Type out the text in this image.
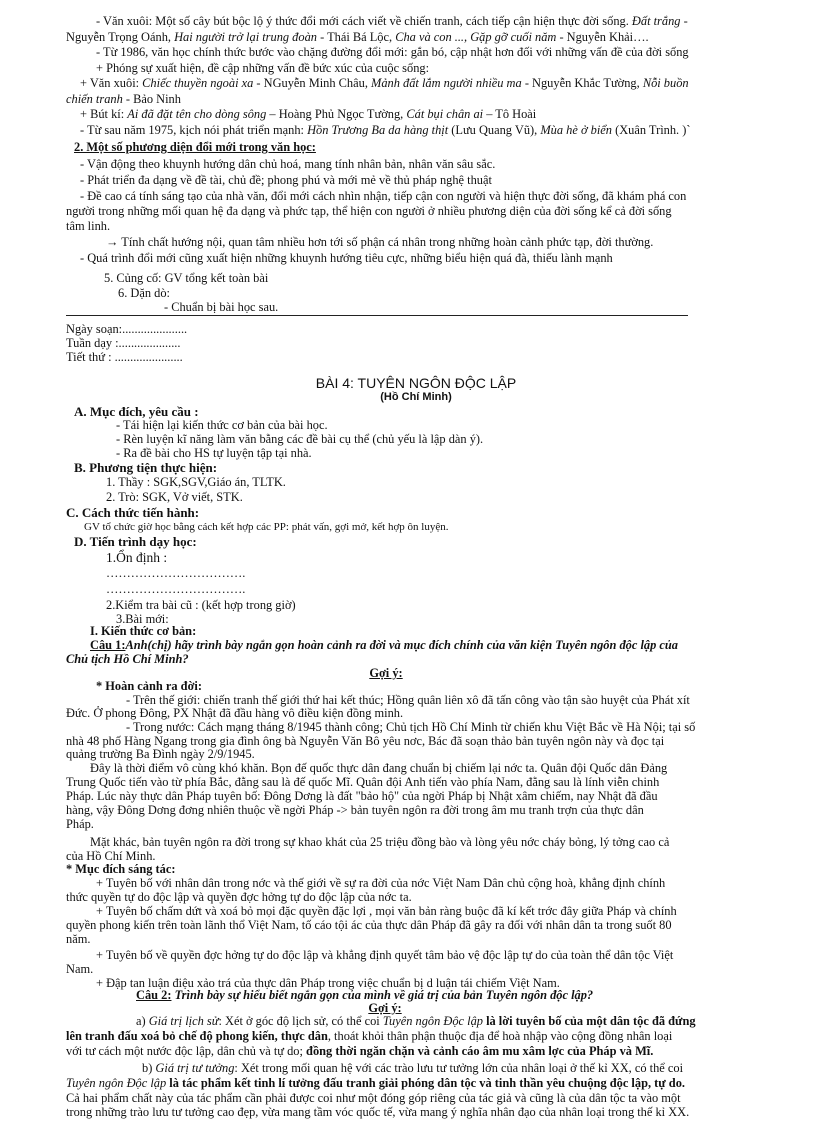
- Văn xuôi: Một số cây bút bộc lộ ý thức đổi mới cách viết về chiến tranh, cách tiếp cận hiện thực đời sống. Đất trắng -
Nguyễn Trọng Oánh, Hai người trở lại trung đoàn - Thái Bá Lộc, Cha và con ..., Gặp gỡ cuối năm - Nguyễn Khải….
- Từ 1986, văn học chính thức bước vào chặng đường đổi mới: gắn bó, cập nhật hơn đối với những vấn đề của đời sống
+ Phóng sự xuất hiện, đề cập những vấn đề bức xúc của cuộc sống:
+ Văn xuôi: Chiếc thuyền ngoài xa - NGuyễn Minh Châu, Mảnh đất lắm người nhiều ma - Nguyễn Khắc Tường, Nỗi buồn
chiến tranh - Bảo Ninh
+ Bút kí: Ai đã đặt tên cho dòng sông – Hoàng Phủ Ngọc Tường, Cát bụi chân ai – Tô Hoài
- Từ sau năm 1975, kịch nói phát triển mạnh: Hồn Trương Ba da hàng thịt (Lưu Quang Vũ), Mùa hè ở biển (Xuân Trình. )`
2. Một số phương diện đổi mới trong văn học:
- Vận động theo khuynh hướng dân chủ hoá, mang tính nhân bản, nhân văn sâu sắc.
- Phát triển đa dạng về đề tài, chủ đề; phong phú và mới mẻ về thủ pháp nghệ thuật
- Đề cao cá tính sáng tạo của nhà văn, đổi mới cách nhìn nhận, tiếp cận con người và hiện thực đời sống, đã khám phá con
người trong những mối quan hệ đa dạng và phức tạp, thể hiện con người ở nhiều phương diện của đời sống kể cả đời sống
tâm linh.
→ Tính chất hướng nội, quan tâm nhiều hơn tới số phận cá nhân trong những hoàn cảnh phức tạp, đời thường.
- Quá trình đổi mới cũng xuất hiện những khuynh hướng tiêu cực, những biểu hiện quá đà, thiếu lành mạnh
5. Củng cố: GV tổng kết toàn bài
6. Dặn dò:
- Chuẩn bị bài học sau.
Ngày soạn:.....................
Tuần dạy :....................
Tiết thứ : ......................
BÀI 4: TUYÊN NGÔN ĐỘC LẬP
(Hồ Chí Minh)
A. Mục đích, yêu cầu :
- Tái hiện lại kiến thức cơ bản của bài học.
- Rèn luyện kĩ năng làm văn bằng các đề bài cụ thể (chủ yếu là lập dàn ý).
- Ra đề bài cho HS tự luyện tập tại nhà.
B. Phương tiện thực hiện:
1. Thầy : SGK,SGV,Giáo án, TLTK.
2. Trò: SGK, Vở viết, STK.
C. Cách thức tiến hành:
GV tổ chức giờ học bằng cách kết hợp các PP: phát vấn, gợi mở, kết hợp ôn luyện.
D. Tiến trình dạy học:
1.Ổn định :
…………………………….
…………………………….
2.Kiểm tra bài cũ : (kết hợp trong giờ)
3.Bài mới:
I. Kiến thức cơ bản:
Câu 1:Anh(chị) hãy trình bày ngắn gọn hoàn cảnh ra đời và mục đích chính của văn kiện Tuyên ngôn độc lập của
Chủ tịch Hồ Chí Minh?
Gợi ý:
* Hoàn cảnh ra đời:
- Trên thế giới: chiến tranh thế giới thứ hai kết thúc; Hồng quân liên xô đã tấn công vào tận sào huyệt của Phát xít
Đức. Ở phong Đông, PX Nhật đã đầu hàng vô điều kiện đồng minh.
- Trong nước: Cách mạng tháng 8/1945 thành công; Chủ tịch Hồ Chí Minh từ chiến khu Việt Bắc về Hà Nội; tại số
nhà 48 phố Hàng Ngang trong gia đình ông bà Nguyễn Văn Bô yêu nơc, Bác đã soạn thảo bản tuyên ngôn này và đọc tại
quảng trường Ba Đình ngày 2/9/1945.
Đây là thời điểm vô cùng khó khăn. Bọn đế quốc thực dân đang chuẩn bị chiếm lại nớc ta. Quân đội Quốc dân Đảng
Trung Quốc tiến vào từ phía Bắc, đằng sau là đế quốc Mĩ. Quân đội Anh tiến vào phía Nam, đằng sau là lính viễn chinh
Pháp. Lúc này thực dân Pháp tuyên bố: Đông Dơng là đất "bảo hộ" của ngời Pháp bị Nhật xâm chiếm, nay Nhật đã đầu
hàng, vậy Đông Dơng đơng nhiên thuộc về ngời Pháp -> bản tuyên ngôn ra đời trong âm mu tranh trợn của thực dân
Pháp.
Mặt khác, bản tuyên ngôn ra đời trong sự khao khát của 25 triệu đồng bào và lòng yêu nớc cháy bỏng, lý tởng cao cả
của Hồ Chí Minh.
* Mục đích sáng tác:
+ Tuyên bố với nhân dân trong nớc và thế giới về sự ra đời của nớc Việt Nam Dân chủ cộng hoà, khẳng định chính
thức quyền tự do độc lập và quyền đợc hởng tự do độc lập của nớc ta.
+ Tuyên bố chấm dứt và xoá bỏ mọi đặc quyền đặc lợi , mọi văn bản ràng buộc đã kí kết trớc đây giữa Pháp và chính
quyền phong kiến trên toàn lãnh thổ Việt Nam, tố cáo tội ác của thực dân Pháp đã gây ra đối với nhân dân ta trong suốt 80
năm.
+ Tuyên bố về quyền đợc hởng tự do độc lập và khẳng định quyết tâm bảo vệ độc lập tự do của toàn thể dân tộc Việt
Nam.
+ Đập tan luận điệu xảo trá của thực dân Pháp trong việc chuẩn bị d luận tái chiếm Việt Nam.
Câu 2: Trình bày sự hiểu biết ngắn gọn của mình về giá trị của bản Tuyên ngôn độc lập?
Gợi ý:
a) Giá trị lịch sử: Xét ở góc độ lịch sử, có thể coi Tuyên ngôn Độc lập là lời tuyên bố của một dân tộc đã đứng
lên tranh đấu xoá bỏ chế độ phong kiến, thực dân, thoát khỏi thân phận thuộc địa để hoà nhập vào cộng đồng nhân loại
với tư cách một nước độc lập, dân chủ và tự do; đồng thời ngăn chặn và cảnh cáo âm mu xâm lợc của Pháp và Mĩ.
b) Giá trị tư tưởng: Xét trong mối quan hệ với các trào lưu tư tưởng lớn của nhân loại ở thế kỉ XX, có thể coi
Tuyên ngôn Độc lập là tác phẩm kết tinh lí tưởng đấu tranh giải phóng dân tộc và tinh thần yêu chuộng độc lập, tự do.
Cả hai phẩm chất này của tác phẩm cần phải được coi như một đóng góp riêng của tác giả và cũng là của dân tộc ta vào một
trong những trào lưu tư tưởng cao đẹp, vừa mang tầm vóc quốc tế, vừa mang ý nghĩa nhân đạo của nhân loại trong thế kỉ XX.
